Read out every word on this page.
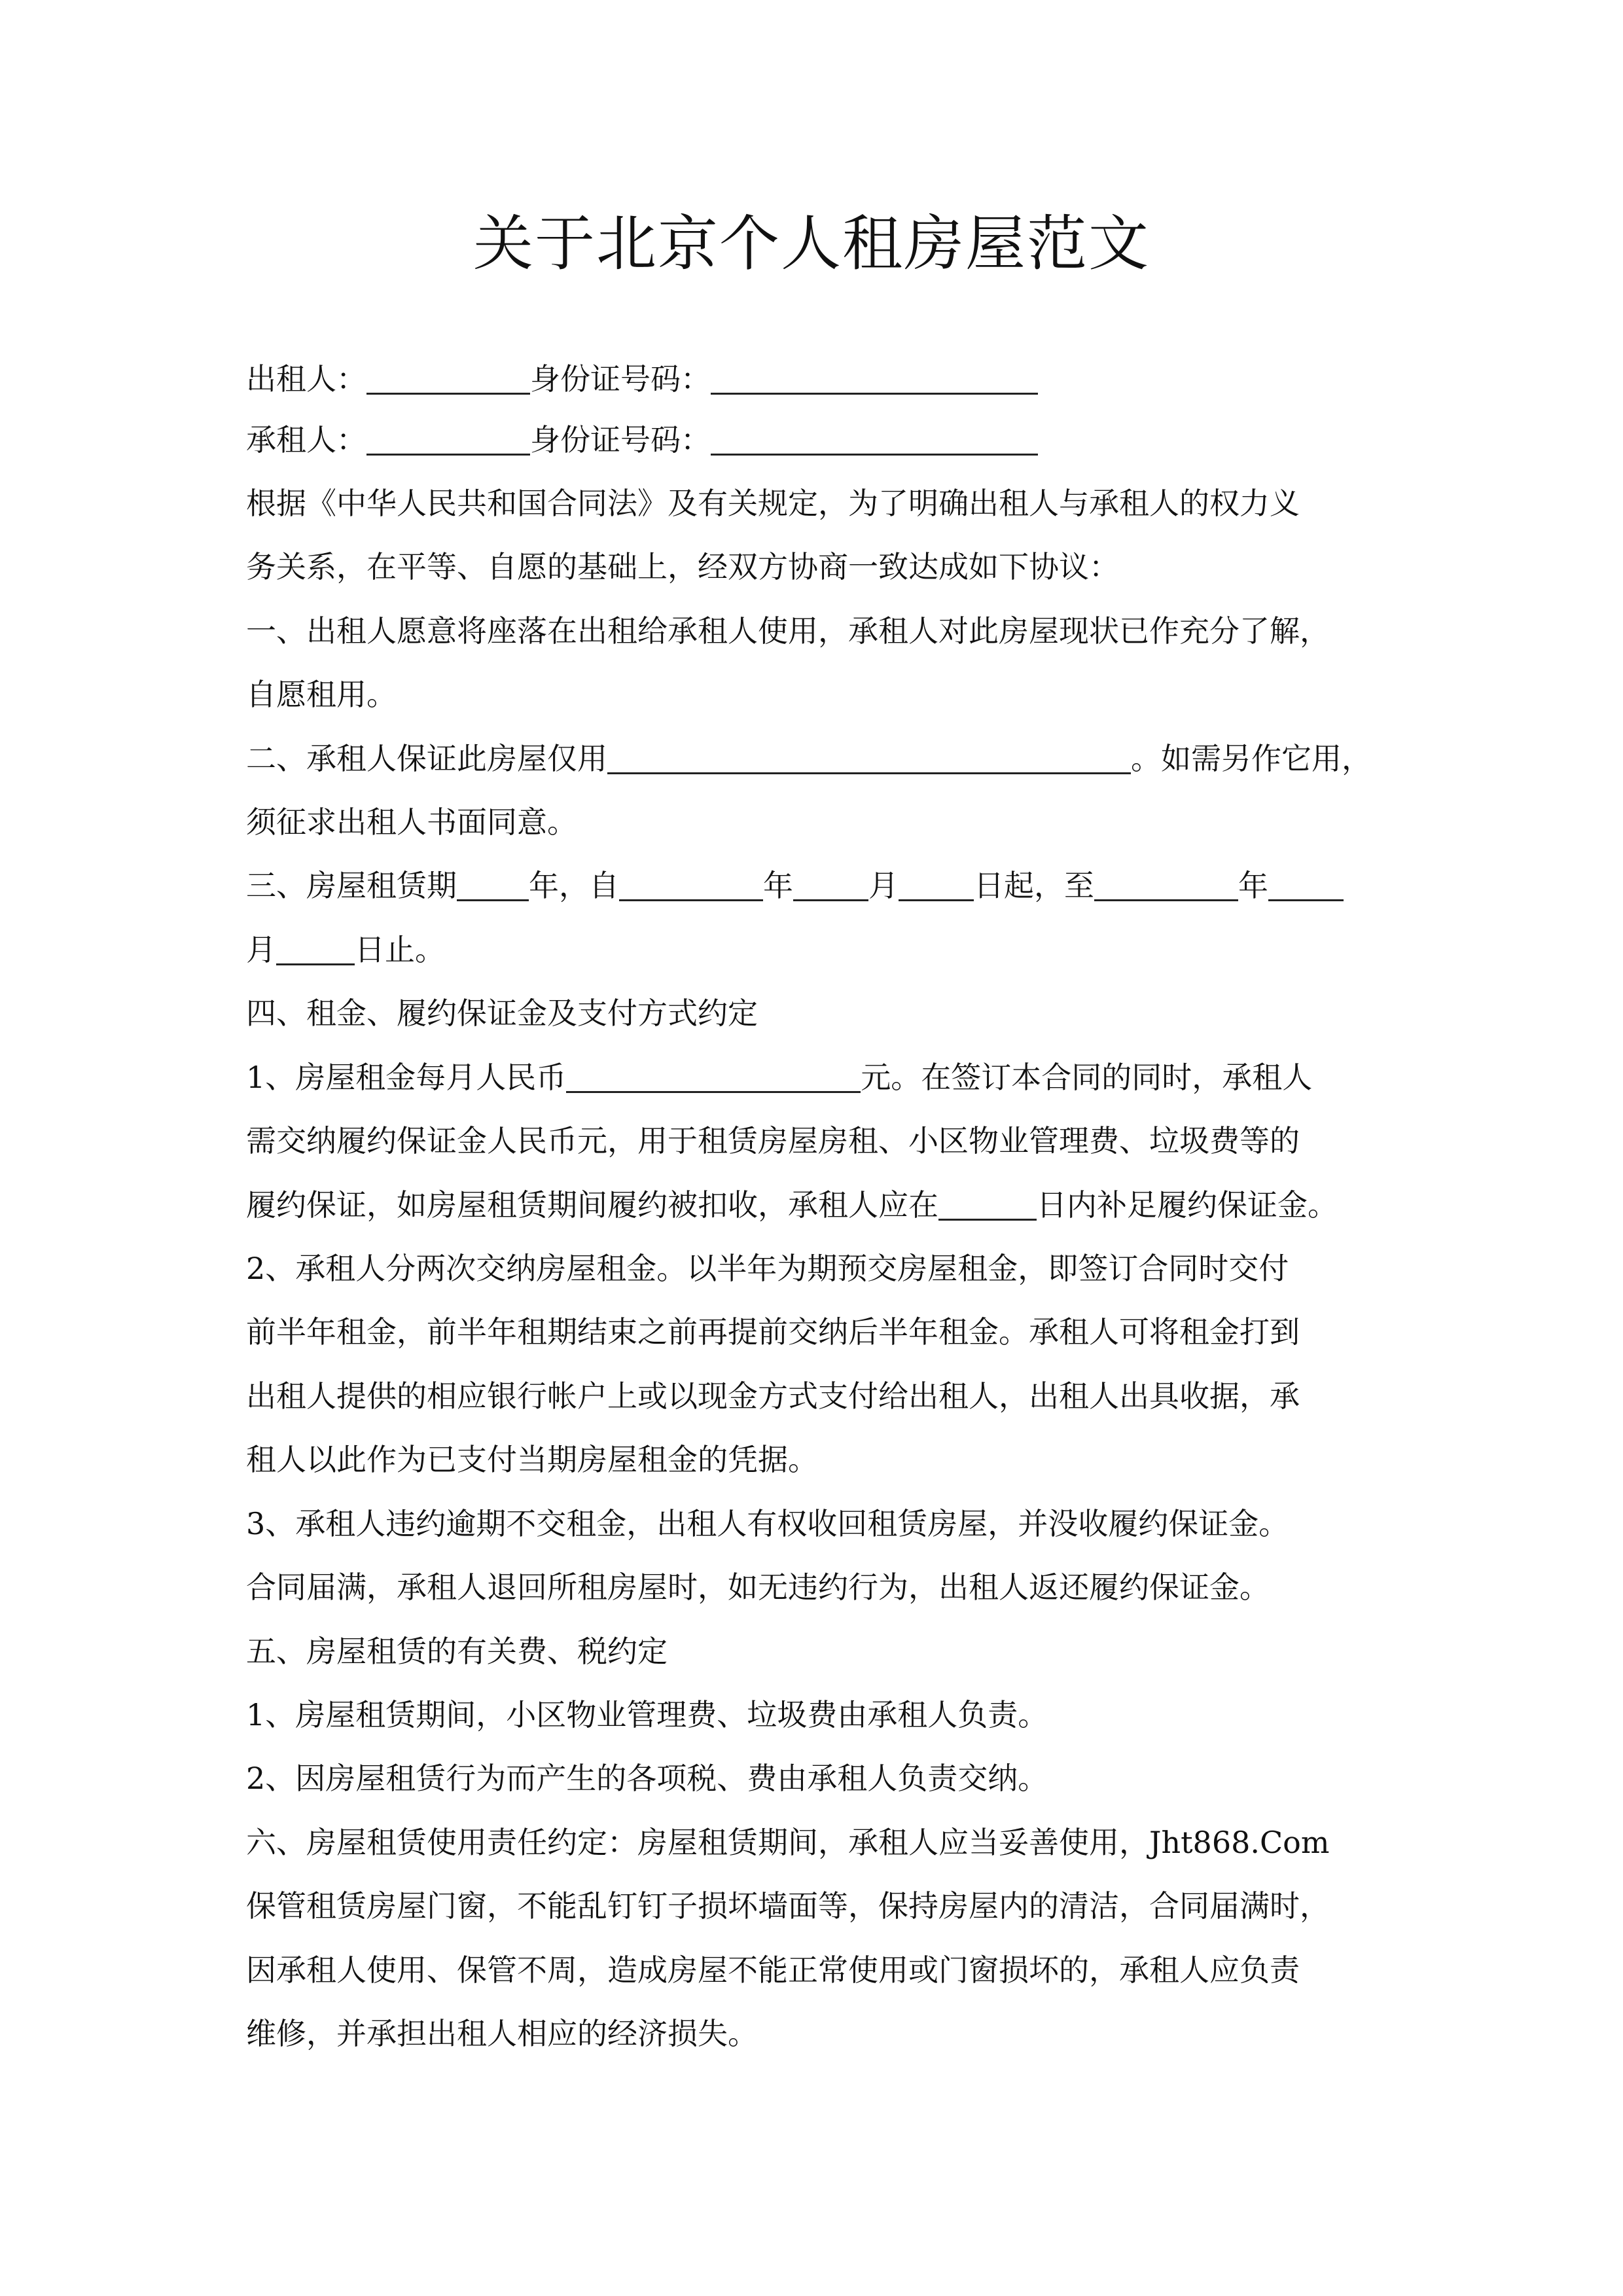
关于北京个人租房屋范文
出租人：	身份证号码：
承租人：	身份证号码：
根据《中华人民共和国合同法》及有关规定，为了明确出租人与承租人的权力义
务关系，在平等、自愿的基础上，经双方协商一致达成如下协议：
一、出租人愿意将座落在出租给承租人使用，承租人对此房屋现状已作充分了解，
自愿租用。
二、承租人保证此房屋仅用	。如需另作它用，
须征求出租人书面同意。
三、房屋租赁期 年，自	年	月	日起，至	年
月	日止。
四、租金、履约保证金及支付方式约定
1、房屋租金每月人民币	元。在签订本合同的同时，承租人
需交纳履约保证金人民币元，用于租赁房屋房租、小区物业管理费、垃圾费等的
履约保证，如房屋租赁期间履约被扣收，承租人应在	日内补足履约保证金。
2、承租人分两次交纳房屋租金。以半年为期预交房屋租金，即签订合同时交付
前半年租金，前半年租期结束之前再提前交纳后半年租金。承租人可将租金打到
出租人提供的相应银行帐户上或以现金方式支付给出租人，出租人出具收据，承
租人以此作为已支付当期房屋租金的凭据。
3、承租人违约逾期不交租金，出租人有权收回租赁房屋，并没收履约保证金。
合同届满，承租人退回所租房屋时，如无违约行为，出租人返还履约保证金。
五、房屋租赁的有关费、税约定
1、房屋租赁期间，小区物业管理费、垃圾费由承租人负责。
2、因房屋租赁行为而产生的各项税、费由承租人负责交纳。
六、房屋租赁使用责任约定：房屋租赁期间，承租人应当妥善使用，Jht868.Com
保管租赁房屋门窗，不能乱钉钉子损坏墙面等，保持房屋内的清洁，合同届满时，
因承租人使用、保管不周，造成房屋不能正常使用或门窗损坏的，承租人应负责
维修，并承担出租人相应的经济损失。
